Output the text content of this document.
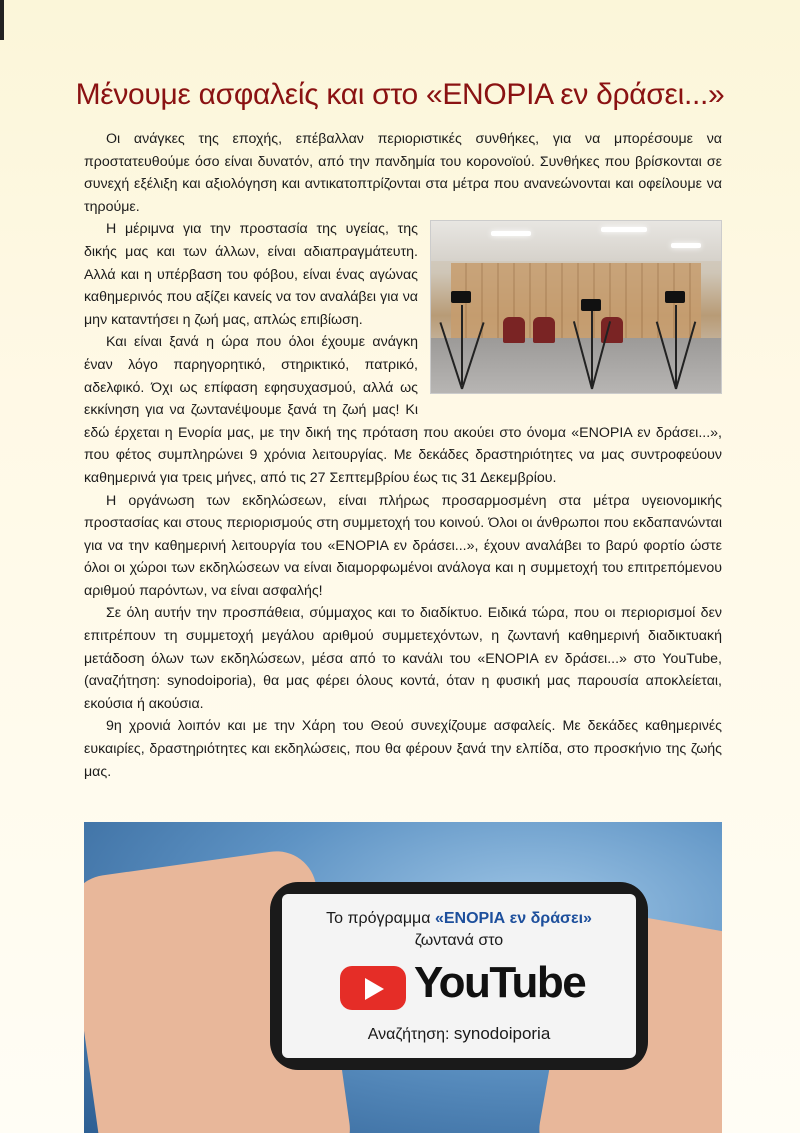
Μένουμε ασφαλείς και στο «ΕΝΟΡΙΑ εν δράσει...»

Οι ανάγκες της εποχής, επέβαλλαν περιοριστικές συνθήκες, για να μπορέσουμε να προστατευθούμε όσο είναι δυνατόν, από την πανδημία του κορονοϊού. Συνθήκες που βρίσκονται σε συνεχή εξέλιξη και αξιολόγηση και αντικατοπτρίζονται στα μέτρα που ανανεώνονται και οφείλουμε να τηρούμε.

Η μέριμνα για την προστασία της υγείας, της δικής μας και των άλλων, είναι αδιαπραγμάτευτη. Αλλά και η υπέρβαση του φόβου, είναι ένας αγώνας καθημερινός που αξίζει κανείς να τον αναλάβει για να μην καταντήσει η ζωή μας, απλώς επιβίωση.

Και είναι ξανά η ώρα που όλοι έχουμε ανάγκη έναν λόγο παρηγορητικό, στηρικτικό, πατρικό, αδελφικό. Όχι ως επίφαση εφησυχασμού, αλλά ως εκκίνηση για να ζωντανέψουμε ξανά τη ζωή μας! Κι εδώ έρχεται η Ενορία μας, με την δική της πρόταση που ακούει στο όνομα «ΕΝΟΡΙΑ εν δράσει...», που φέτος συμπληρώνει 9 χρόνια λειτουργίας. Με δεκάδες δραστηριότητες να μας συντροφεύουν καθημερινά για τρεις μήνες, από τις 27 Σεπτεμβρίου έως τις 31 Δεκεμβρίου.

Η οργάνωση των εκδηλώσεων, είναι πλήρως προσαρμοσμένη στα μέτρα υγειονομικής προστασίας και στους περιορισμούς στη συμμετοχή του κοινού. Όλοι οι άνθρωποι που εκδαπανώνται για να την καθημερινή λειτουργία του «ΕΝΟΡΙΑ εν δράσει...», έχουν αναλάβει το βαρύ φορτίο ώστε όλοι οι χώροι των εκδηλώσεων να είναι διαμορφωμένοι ανάλογα και η συμμετοχή του επιτρεπόμενου αριθμού παρόντων, να είναι ασφαλής!

Σε όλη αυτήν την προσπάθεια, σύμμαχος και το διαδίκτυο. Ειδικά τώρα, που οι περιορισμοί δεν επιτρέπουν τη συμμετοχή μεγάλου αριθμού συμμετεχόντων, η ζωντανή καθημερινή διαδικτυακή μετάδοση όλων των εκδηλώσεων, μέσα από το κανάλι του «ΕΝΟΡΙΑ εν δράσει...» στο YouTube, (αναζήτηση: synodoiporia), θα μας φέρει όλους κοντά, όταν η φυσική μας παρουσία αποκλείεται, εκούσια ή ακούσια.

9η χρονιά λοιπόν και με την Χάρη του Θεού συνεχίζουμε ασφαλείς. Με δεκάδες καθημερινές ευκαιρίες, δραστηριότητες και εκδηλώσεις, που θα φέρουν ξανά την ελπίδα, στο προσκήνιο της ζωής μας.

Το πρόγραμμα «ΕΝΟΡΙΑ εν δράσει»
ζωντανά στο
YouTube
Αναζήτηση: synodoiporia
